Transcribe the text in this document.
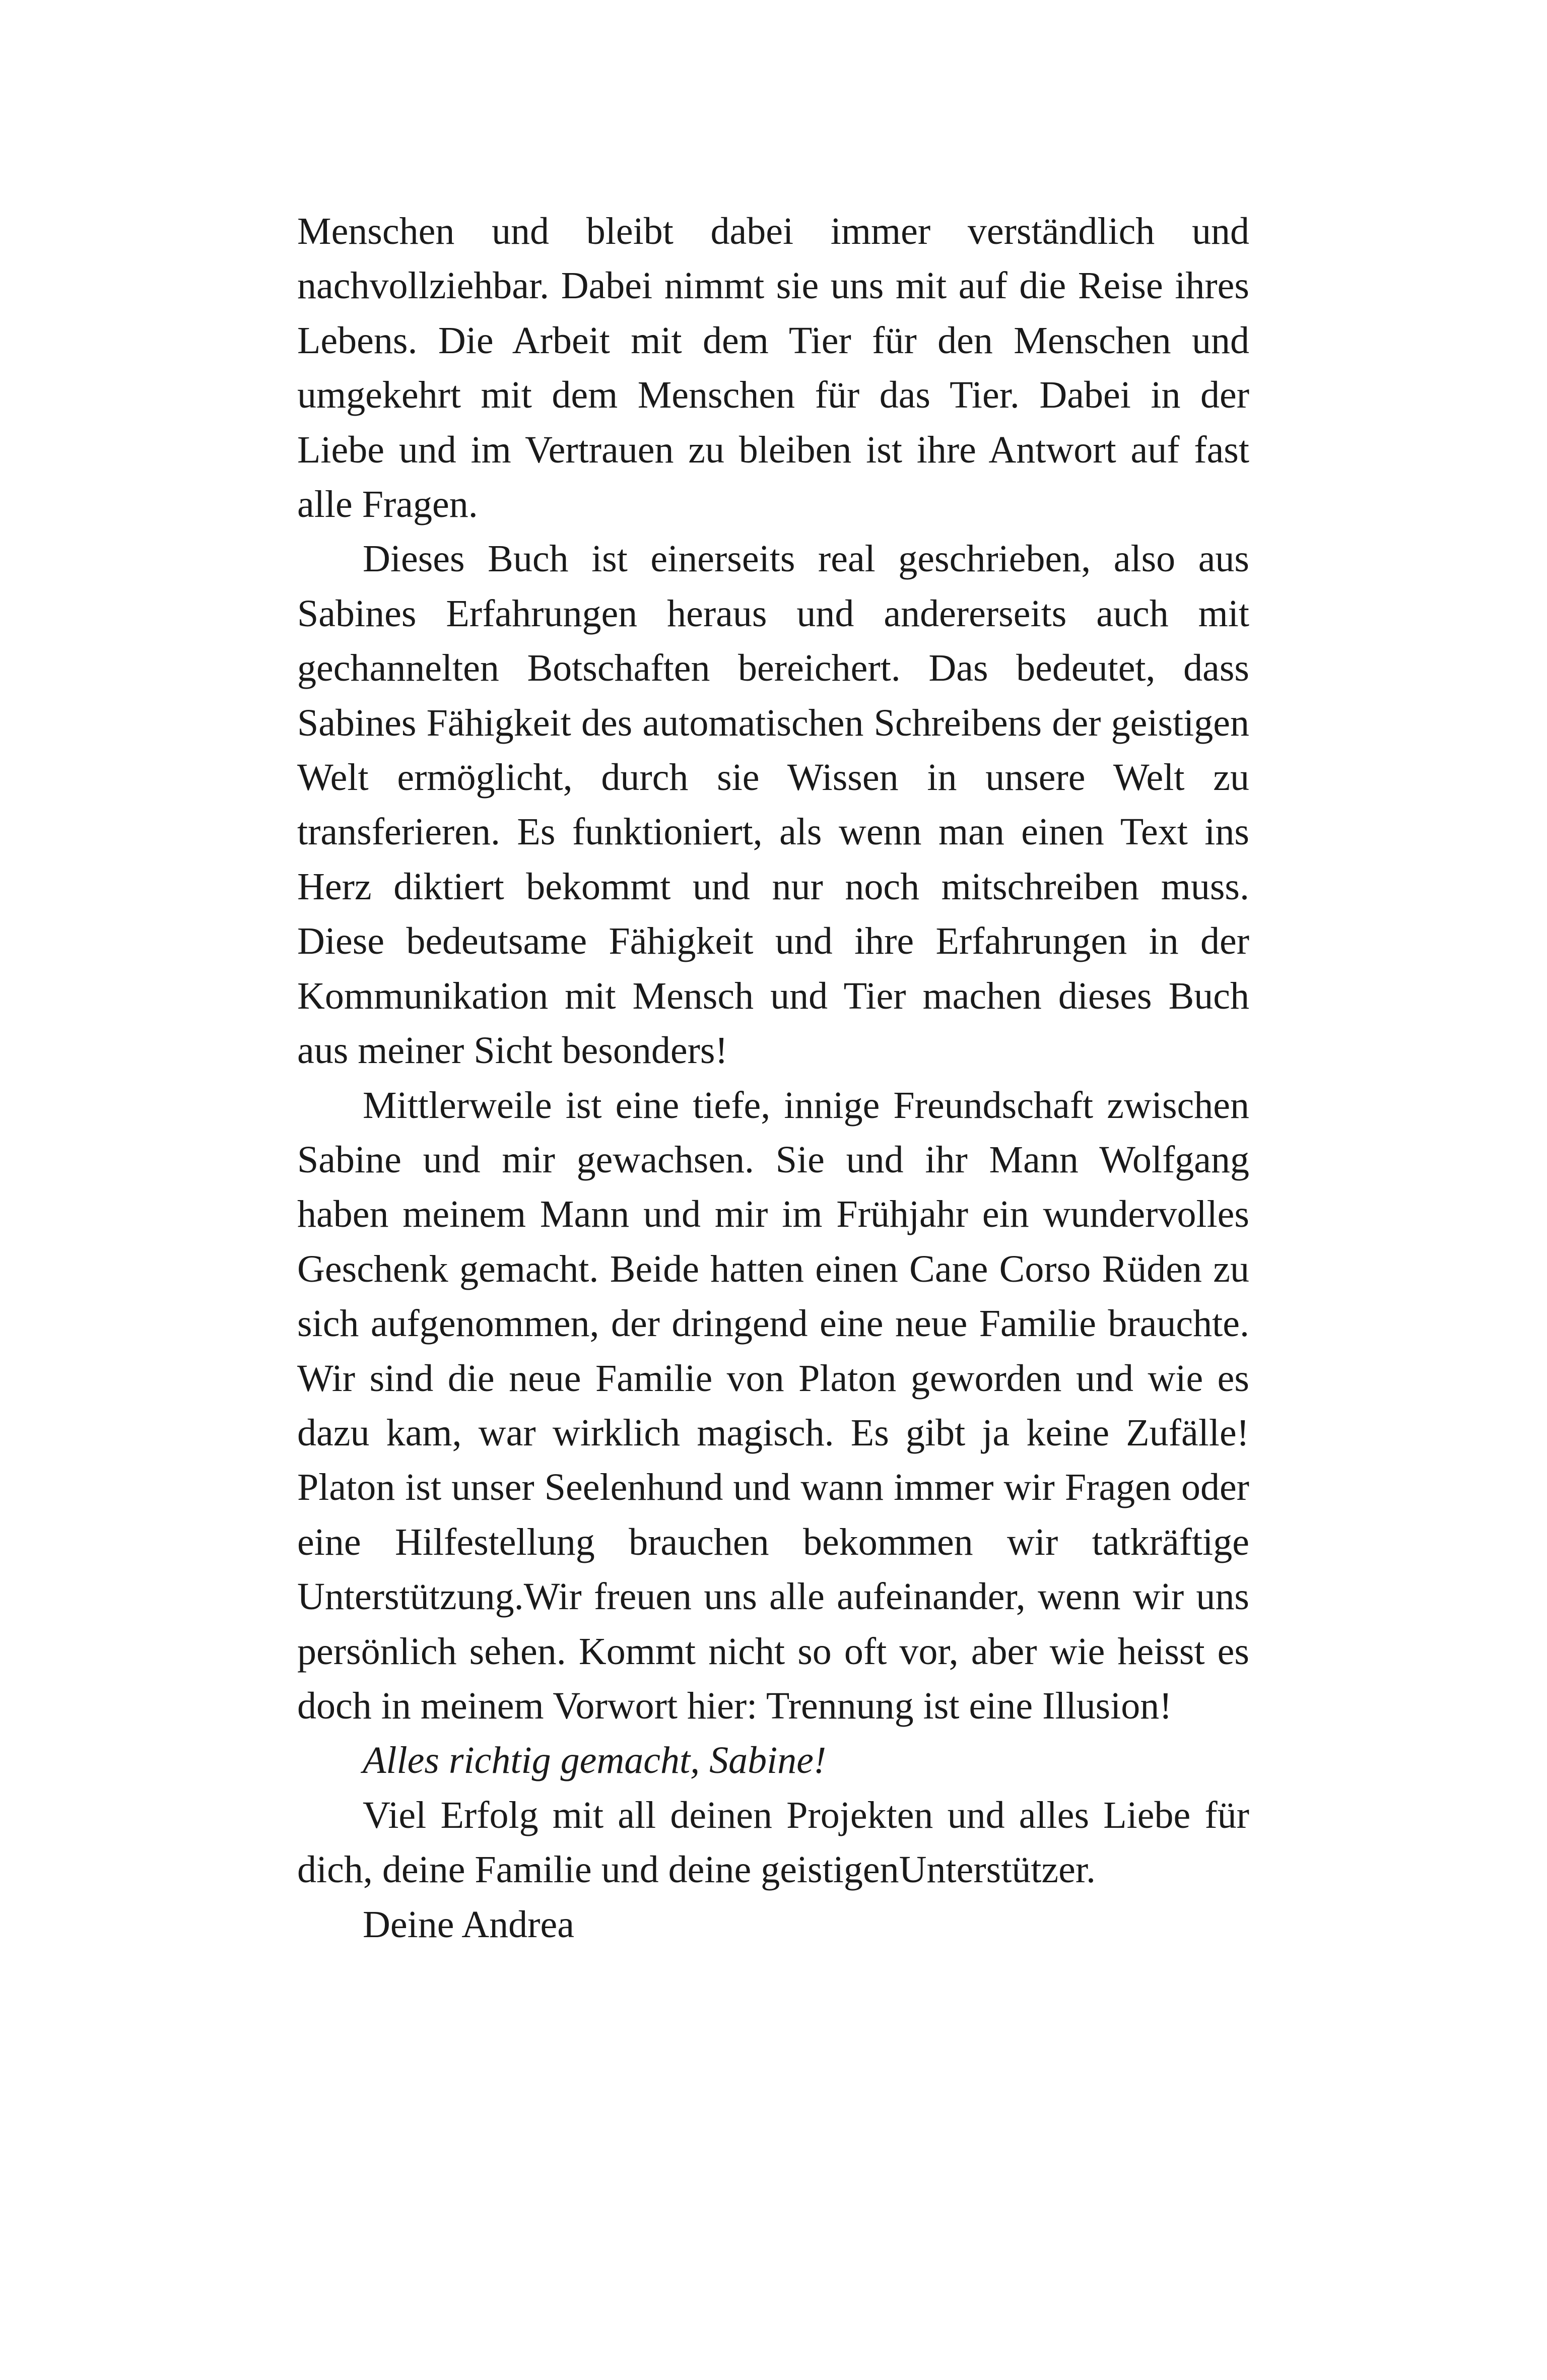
Menschen und bleibt dabei immer verständlich und nachvollziehbar. Dabei nimmt sie uns mit auf die Reise ihres Lebens. Die Arbeit mit dem Tier für den Menschen und umgekehrt mit dem Menschen für das Tier. Dabei in der Liebe und im Vertrauen zu bleiben ist ihre Antwort auf fast alle Fragen.

Dieses Buch ist einerseits real geschrieben, also aus Sabines Erfahrungen heraus und andererseits auch mit gechannelten Botschaften bereichert. Das bedeutet, dass Sabines Fähigkeit des automatischen Schreibens der geistigen Welt ermöglicht, durch sie Wissen in unsere Welt zu transferieren. Es funktioniert, als wenn man einen Text ins Herz diktiert bekommt und nur noch mitschreiben muss. Diese bedeutsame Fähigkeit und ihre Erfahrungen in der Kommunikation mit Mensch und Tier machen dieses Buch aus meiner Sicht besonders!

Mittlerweile ist eine tiefe, innige Freundschaft zwischen Sabine und mir gewachsen. Sie und ihr Mann Wolfgang haben meinem Mann und mir im Frühjahr ein wundervolles Geschenk gemacht. Beide hatten einen Cane Corso Rüden zu sich aufgenommen, der dringend eine neue Familie brauchte. Wir sind die neue Familie von Platon geworden und wie es dazu kam, war wirklich magisch. Es gibt ja keine Zufälle! Platon ist unser Seelenhund und wann immer wir Fragen oder eine Hilfestellung brauchen bekommen wir tatkräftige Unterstützung.Wir freuen uns alle aufeinander, wenn wir uns persönlich sehen. Kommt nicht so oft vor, aber wie heisst es doch in meinem Vorwort hier: Trennung ist eine Illusion!

Alles richtig gemacht, Sabine!

Viel Erfolg mit all deinen Projekten und alles Liebe für dich, deine Familie und deine geistigenUnterstützer.

Deine Andrea
